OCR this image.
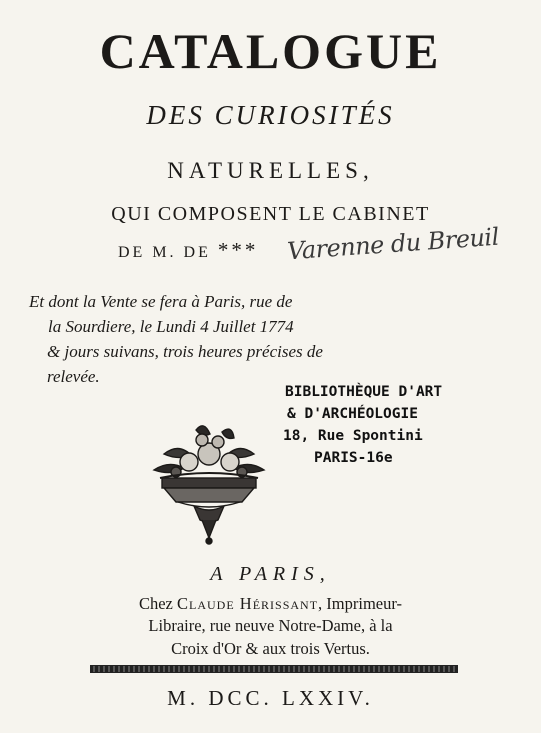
CATALOGUE
DES CURIOSITÉS
NATURELLES,
QUI COMPOSENT LE CABINET
DE M. DE *** Varenne du Breuil
Et dont la Vente se fera à Paris, rue de
la Sourdiere, le Lundi 4 Juillet 1774
& jours suivans, trois heures précises de
relevée.
BIBLIOTHÈQUE D'ART
& D'ARCHÉOLOGIE
18, Rue Spontini
PARIS-16e
A PARIS,
Chez Claude Hérissant, Imprimeur-
Libraire, rue neuve Notre-Dame, à la
Croix d'Or & aux trois Vertus.
M. DCC. LXXIV.
